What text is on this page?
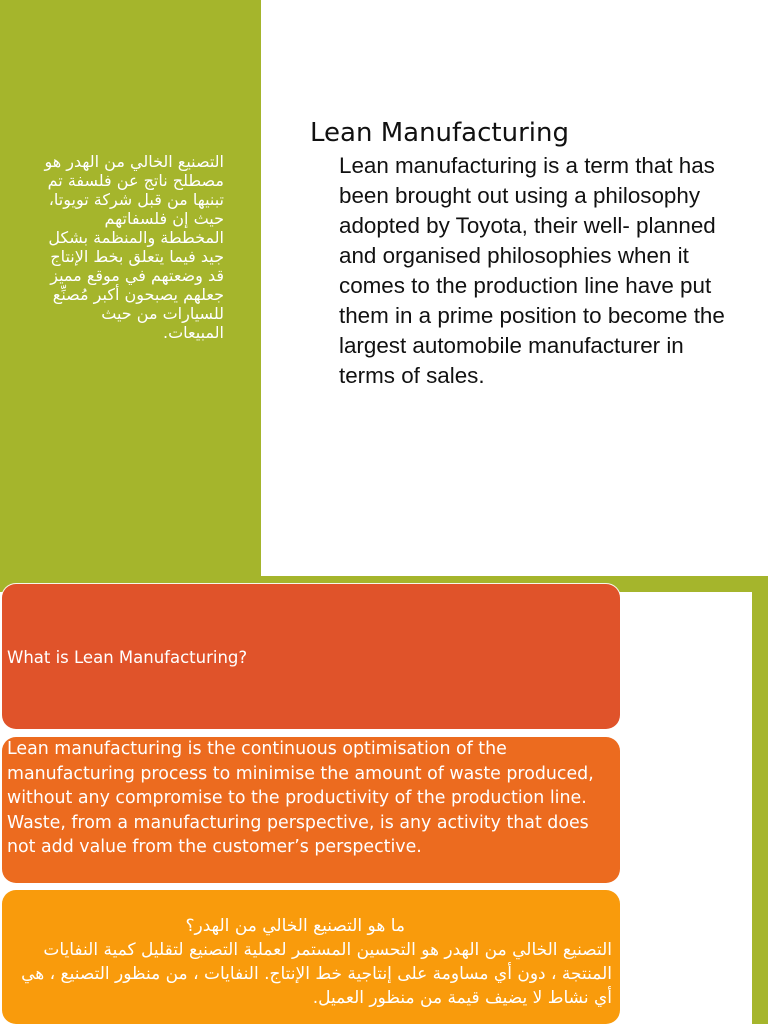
التصنيع الخالي من الهدر هو مصطلح ناتج عن فلسفة تم تبنيها من قبل شركة تويوتا، حيث إن فلسفاتهم المخططة والمنظمة بشكل جيد فيما يتعلق بخط الإنتاج قد وضعتهم في موقع مميز جعلهم يصبحون أكبر مُصنِّع للسيارات من حيث المبيعات.
Lean Manufacturing
Lean manufacturing is a term that has been brought out using a philosophy adopted by Toyota, their well- planned and organised philosophies when it comes to the production line have put them in a prime position to become the largest automobile manufacturer in terms of sales.
What is Lean Manufacturing?
Lean manufacturing is the continuous optimisation of the manufacturing process to minimise the amount of waste produced, without any compromise to the productivity of the production line. Waste, from a manufacturing perspective, is any activity that does not add value from the customer’s perspective.
ما هو التصنيع الخالي من الهدر؟
التصنيع الخالي من الهدر هو التحسين المستمر لعملية التصنيع لتقليل كمية النفايات المنتجة ، دون أي مساومة على إنتاجية خط الإنتاج. النفايات ، من منظور التصنيع ، هي أي نشاط لا يضيف قيمة من منظور العميل.
